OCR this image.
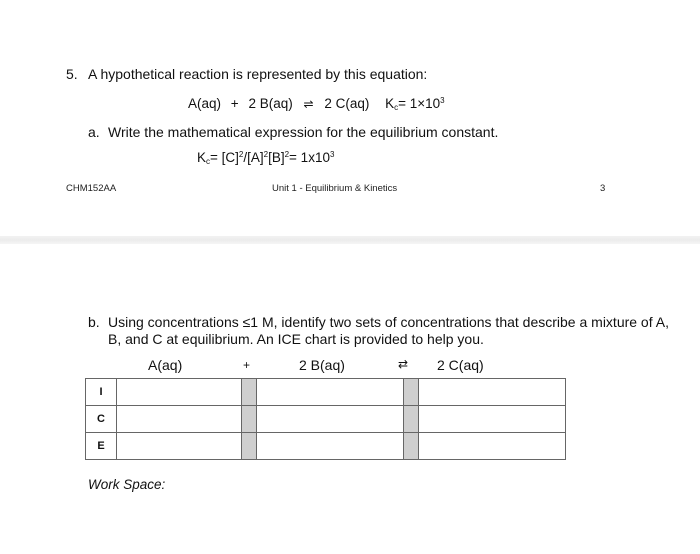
5. A hypothetical reaction is represented by this equation:
A(aq) + 2 B(aq) ⇌ 2 C(aq) $K_c= 1\times 10^3$
a. Write the mathematical expression for the equilibrium constant.
$K_c= [C]^2/[A]^2[B]^2= 1x10^3$
CHM152AA	Unit 1 - Equilibrium & Kinetics	3
b. Using concentrations ≤1 M, identify two sets of concentrations that describe a mixture of A,
B, and C at equilibrium. An ICE chart is provided to help you.
A(aq)	+	2 B(aq)	⇄ 2 C(aq)
I					
C					
E					
Work Space:
